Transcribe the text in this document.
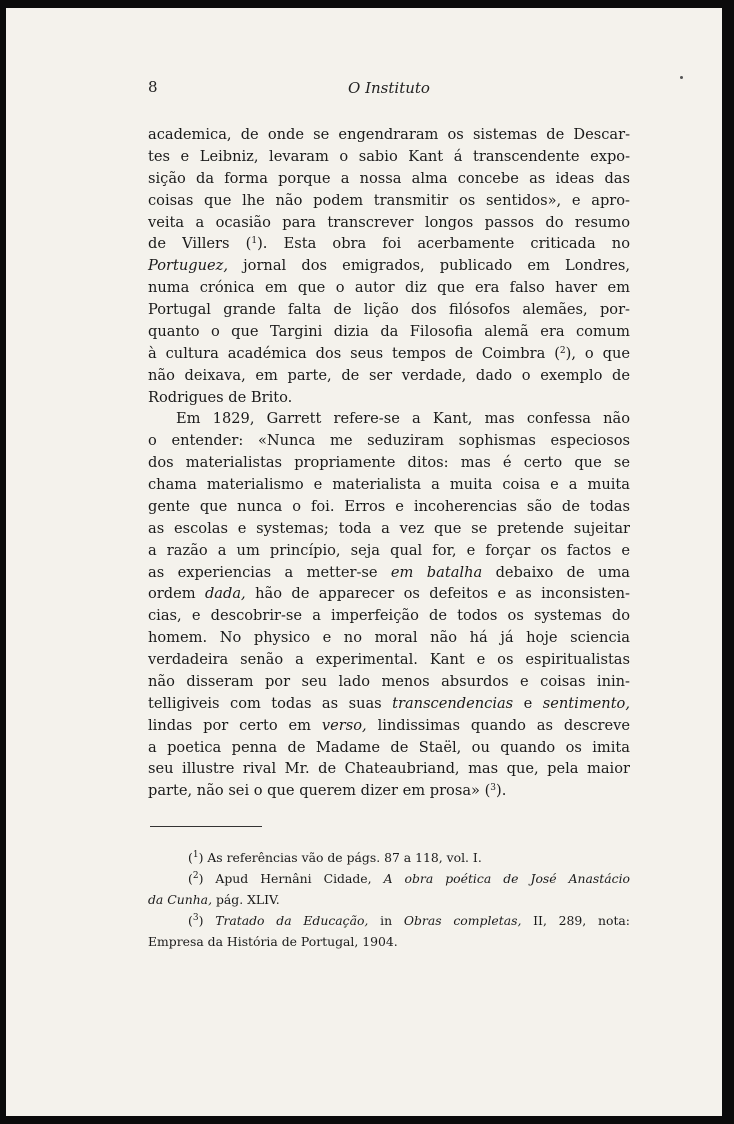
8	O Instituto
academica, de onde se engendraram os sistemas de Descar-
tes e Leibniz, levaram o sabio Kant á transcendente expo-
sição da forma porque a nossa alma concebe as ideas das
coisas que lhe não podem transmitir os sentidos», e apro-
veita a ocasião para transcrever longos passos do resumo
de Villers ($^1$). Esta obra foi acerbamente criticada no
Portuguez, jornal dos emigrados, publicado em Londres,
numa crónica em que o autor diz que era falso haver em
Portugal grande falta de lição dos filósofos alemães, por-
quanto o que Targini dizia da Filosofia alemã era comum
à cultura académica dos seus tempos de Coimbra ($^2$), o que
não deixava, em parte, de ser verdade, dado o exemplo de
Rodrigues de Brito.
Em 1829, Garrett refere-se a Kant, mas confessa não
o entender: «Nunca me seduziram sophismas especiosos
dos materialistas propriamente ditos: mas é certo que se
chama materialismo e materialista a muita coisa e a muita
gente que nunca o foi. Erros e incoherencias são de todas
as escolas e systemas; toda a vez que se pretende sujeitar
a razão a um princípio, seja qual for, e forçar os factos e
as experiencias a metter-se em batalha debaixo de uma
ordem dada, hão de apparecer os defeitos e as inconsisten-
cias, e descobrir-se a imperfeição de todos os systemas do
homem. No physico e no moral não há já hoje sciencia
verdadeira senão a experimental. Kant e os espiritualistas
não disseram por seu lado menos absurdos e coisas inin-
telligiveis com todas as suas transcendencias e sentimento,
lindas por certo em verso, lindissimas quando as descreve
a poetica penna de Madame de Staël, ou quando os imita
seu illustre rival Mr. de Chateaubriand, mas que, pela maior
parte, não sei o que querem dizer em prosa» ($^3$).
($^1$) As referências vão de págs. 87 a 118, vol. I.
($^2$) Apud Hernâni Cidade, A obra poética de José Anastácio
da Cunha, pág. XLIV.
($^3$) Tratado da Educação, in Obras completas, II, 289, nota:
Empresa da História de Portugal, 1904.
